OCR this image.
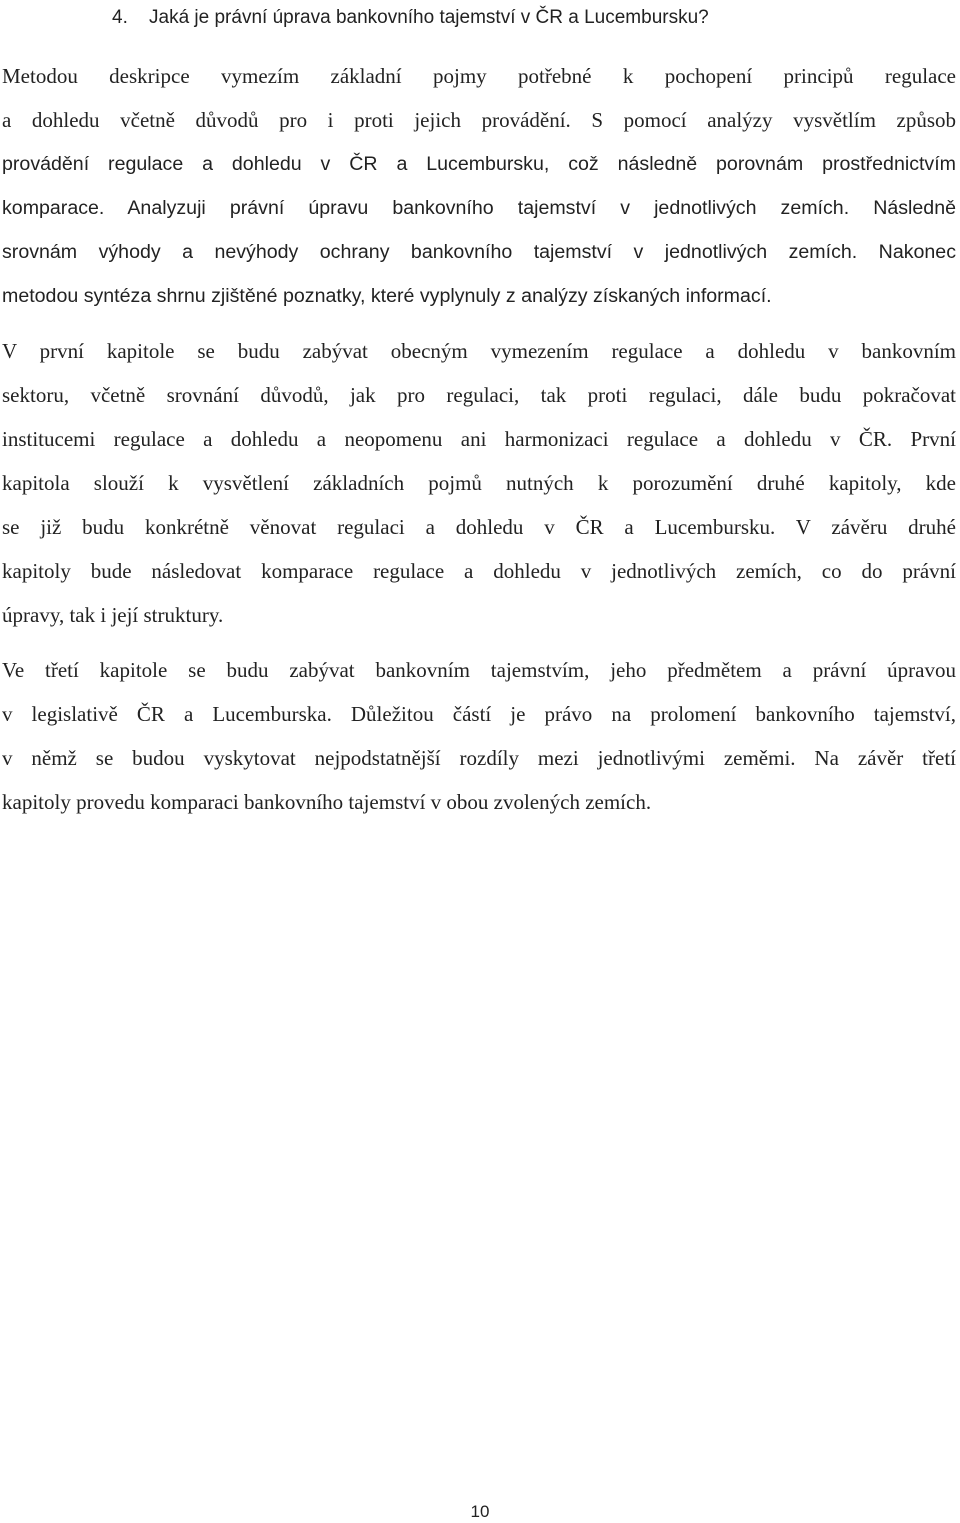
4. Jaká je právní úprava bankovního tajemství v ČR a Lucembursku?
Metodou deskripce vymezím základní pojmy potřebné k pochopení principů regulace
a dohledu včetně důvodů pro i proti jejich provádění. S pomocí analýzy vysvětlím způsob
provádění regulace a dohledu v ČR a Lucembursku, což následně porovnám prostřednictvím
komparace. Analyzuji právní úpravu bankovního tajemství v jednotlivých zemích. Následně
srovnám výhody a nevýhody ochrany bankovního tajemství v jednotlivých zemích. Nakonec
metodou syntéza shrnu zjištěné poznatky, které vyplynuly z analýzy získaných informací.
V první kapitole se budu zabývat obecným vymezením regulace a dohledu v bankovním
sektoru, včetně srovnání důvodů, jak pro regulaci, tak proti regulaci, dále budu pokračovat
institucemi regulace a dohledu a neopomenu ani harmonizaci regulace a dohledu v ČR. První
kapitola slouží k vysvětlení základních pojmů nutných k porozumění druhé kapitoly, kde
se již budu konkrétně věnovat regulaci a dohledu v ČR a Lucembursku. V závěru druhé
kapitoly bude následovat komparace regulace a dohledu v jednotlivých zemích, co do právní
úpravy, tak i její struktury.
Ve třetí kapitole se budu zabývat bankovním tajemstvím, jeho předmětem a právní úpravou
v legislativě ČR a Lucemburska. Důležitou částí je právo na prolomení bankovního tajemství,
v němž se budou vyskytovat nejpodstatnější rozdíly mezi jednotlivými zeměmi. Na závěr třetí
kapitoly provedu komparaci bankovního tajemství v obou zvolených zemích.
10
